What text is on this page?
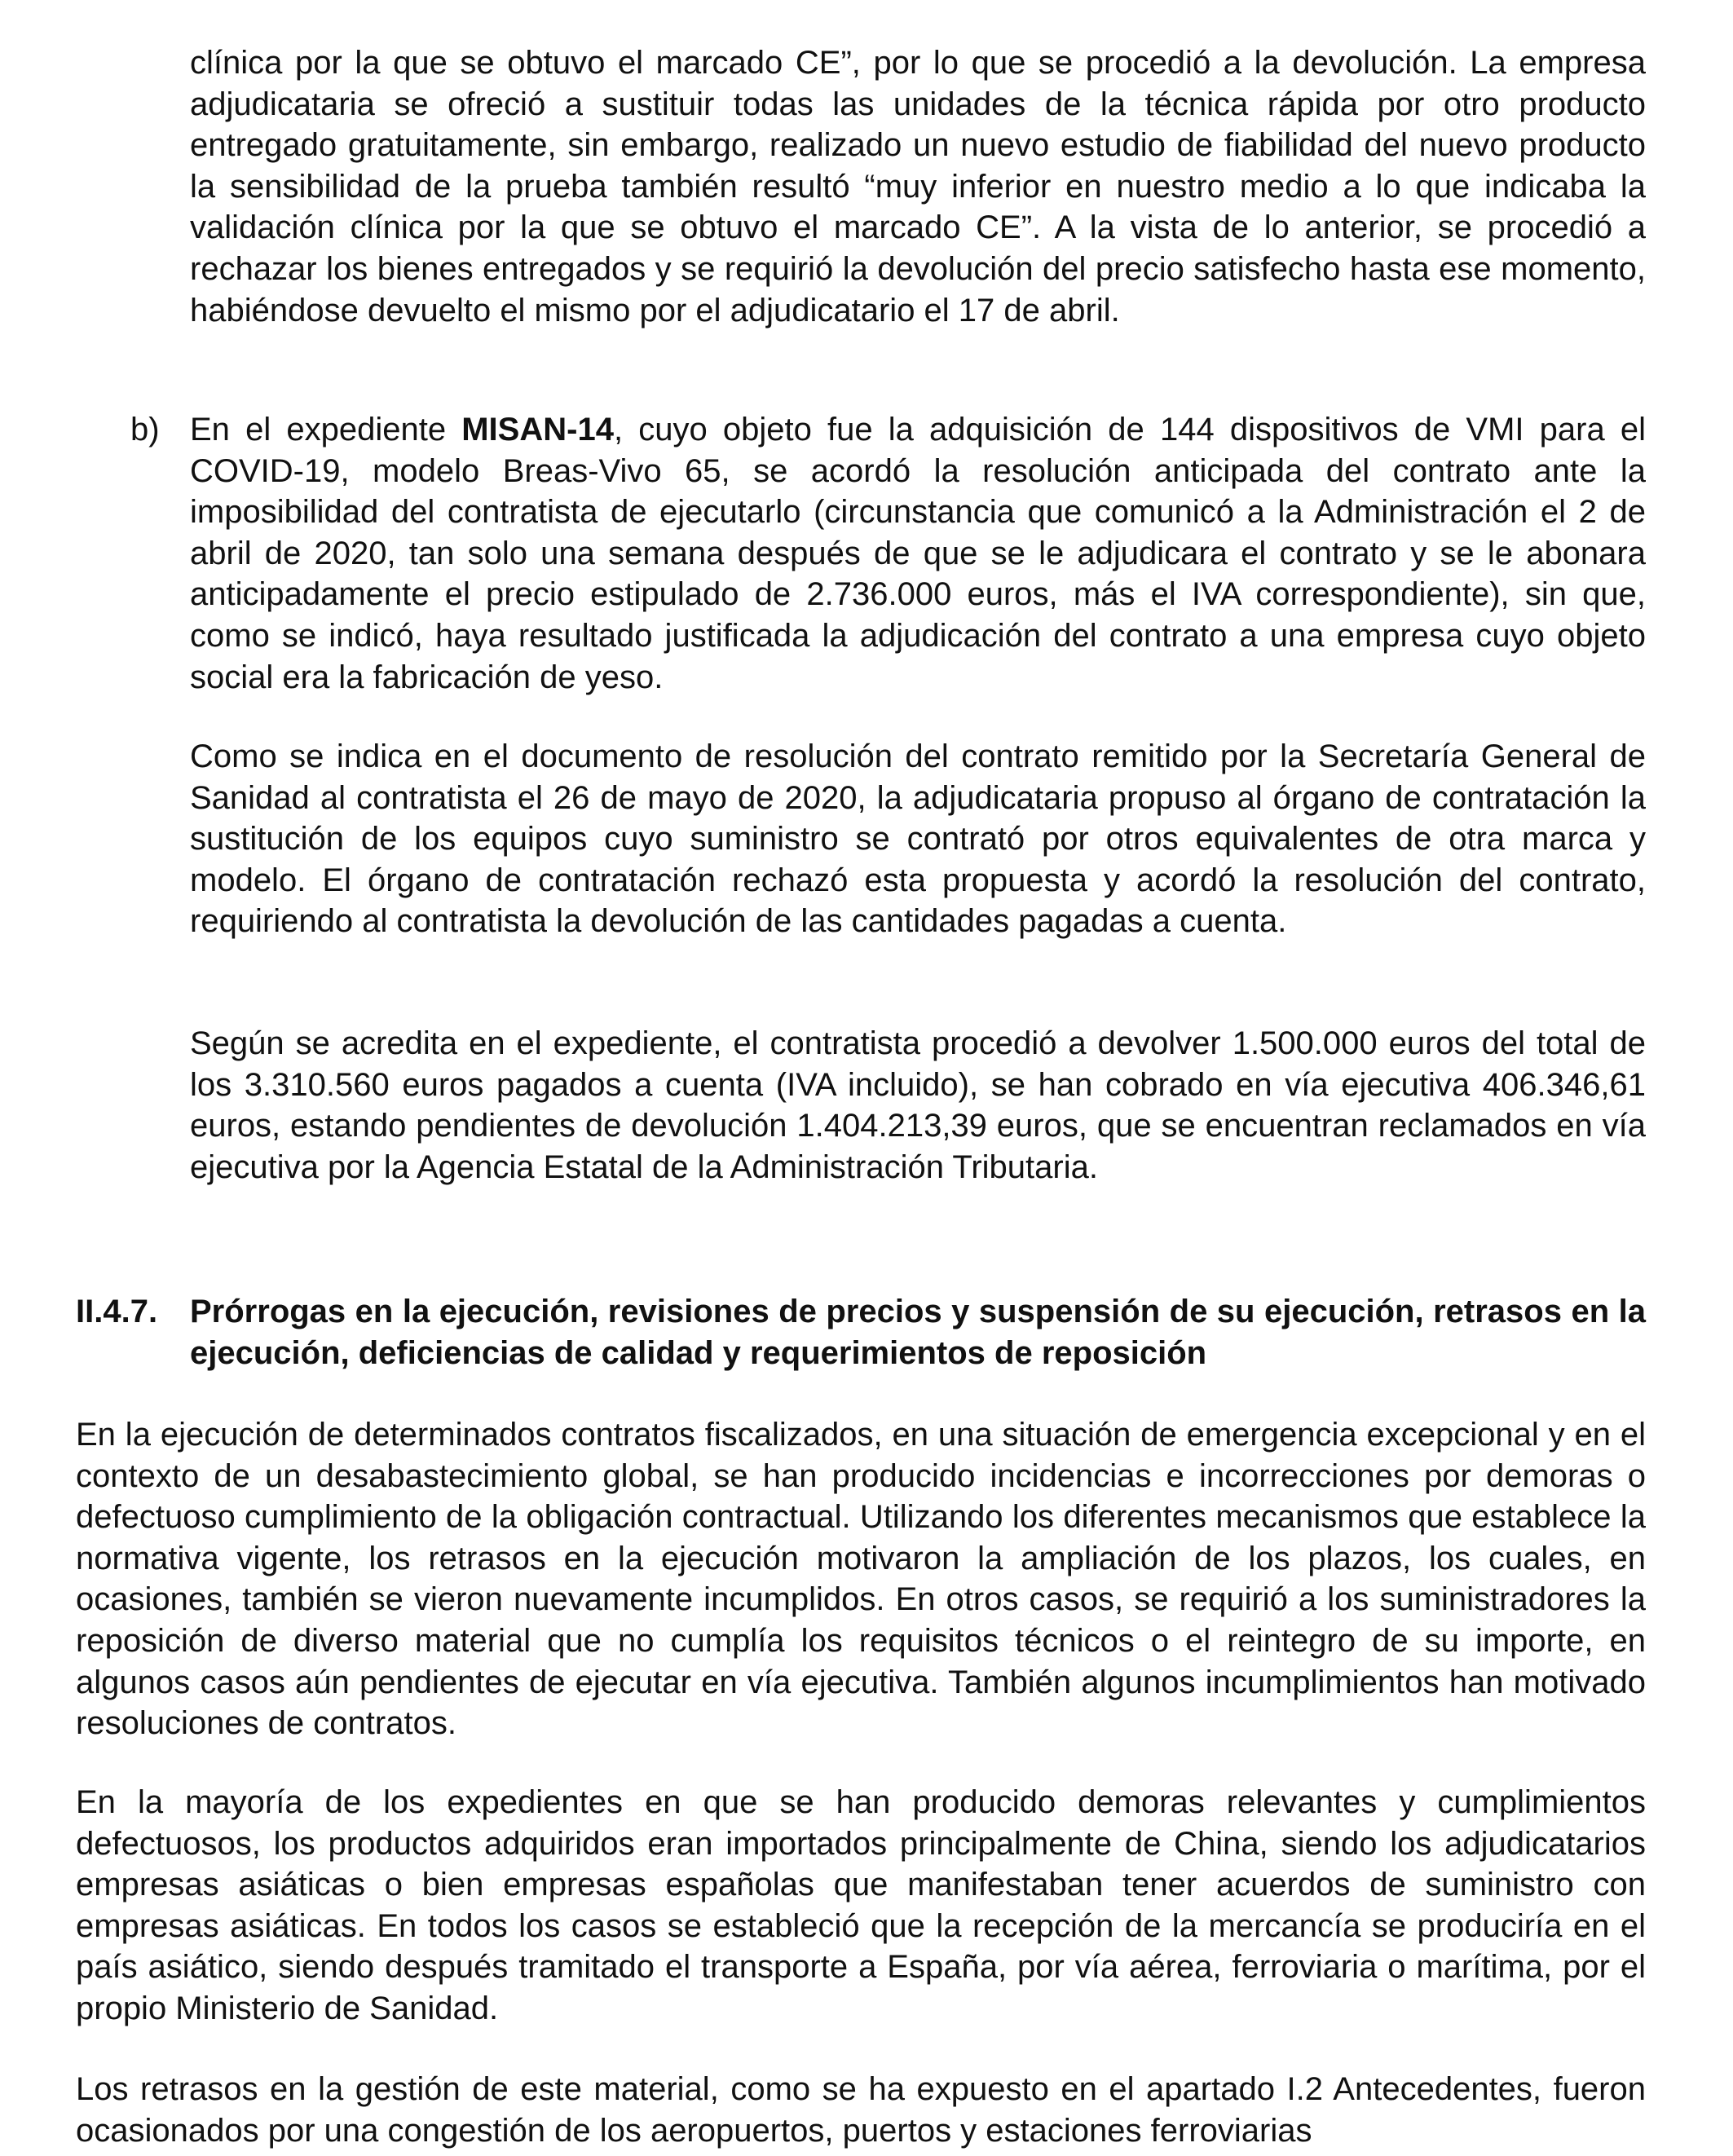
clínica por la que se obtuvo el marcado CE”, por lo que se procedió a la devolución. La empresa adjudicataria se ofreció a sustituir todas las unidades de la técnica rápida por otro producto entregado gratuitamente, sin embargo, realizado un nuevo estudio de fiabilidad del nuevo producto la sensibilidad de la prueba también resultó “muy inferior en nuestro medio a lo que indicaba la validación clínica por la que se obtuvo el marcado CE”. A la vista de lo anterior, se procedió a rechazar los bienes entregados y se requirió la devolución del precio satisfecho hasta ese momento, habiéndose devuelto el mismo por el adjudicatario el 17 de abril.

b) En el expediente MISAN-14, cuyo objeto fue la adquisición de 144 dispositivos de VMI para el COVID-19, modelo Breas-Vivo 65, se acordó la resolución anticipada del contrato ante la imposibilidad del contratista de ejecutarlo (circunstancia que comunicó a la Administración el 2 de abril de 2020, tan solo una semana después de que se le adjudicara el contrato y se le abonara anticipadamente el precio estipulado de 2.736.000 euros, más el IVA correspondiente), sin que, como se indicó, haya resultado justificada la adjudicación del contrato a una empresa cuyo objeto social era la fabricación de yeso.

Como se indica en el documento de resolución del contrato remitido por la Secretaría General de Sanidad al contratista el 26 de mayo de 2020, la adjudicataria propuso al órgano de contratación la sustitución de los equipos cuyo suministro se contrató por otros equivalentes de otra marca y modelo. El órgano de contratación rechazó esta propuesta y acordó la resolución del contrato, requiriendo al contratista la devolución de las cantidades pagadas a cuenta.

Según se acredita en el expediente, el contratista procedió a devolver 1.500.000 euros del total de los 3.310.560 euros pagados a cuenta (IVA incluido), se han cobrado en vía ejecutiva 406.346,61 euros, estando pendientes de devolución 1.404.213,39 euros, que se encuentran reclamados en vía ejecutiva por la Agencia Estatal de la Administración Tributaria.

II.4.7. Prórrogas en la ejecución, revisiones de precios y suspensión de su ejecución, retrasos en la ejecución, deficiencias de calidad y requerimientos de reposición

En la ejecución de determinados contratos fiscalizados, en una situación de emergencia excepcional y en el contexto de un desabastecimiento global, se han producido incidencias e incorrecciones por demoras o defectuoso cumplimiento de la obligación contractual. Utilizando los diferentes mecanismos que establece la normativa vigente, los retrasos en la ejecución motivaron la ampliación de los plazos, los cuales, en ocasiones, también se vieron nuevamente incumplidos. En otros casos, se requirió a los suministradores la reposición de diverso material que no cumplía los requisitos técnicos o el reintegro de su importe, en algunos casos aún pendientes de ejecutar en vía ejecutiva. También algunos incumplimientos han motivado resoluciones de contratos.

En la mayoría de los expedientes en que se han producido demoras relevantes y cumplimientos defectuosos, los productos adquiridos eran importados principalmente de China, siendo los adjudicatarios empresas asiáticas o bien empresas españolas que manifestaban tener acuerdos de suministro con empresas asiáticas. En todos los casos se estableció que la recepción de la mercancía se produciría en el país asiático, siendo después tramitado el transporte a España, por vía aérea, ferroviaria o marítima, por el propio Ministerio de Sanidad.

Los retrasos en la gestión de este material, como se ha expuesto en el apartado I.2 Antecedentes, fueron ocasionados por una congestión de los aeropuertos, puertos y estaciones ferroviarias
